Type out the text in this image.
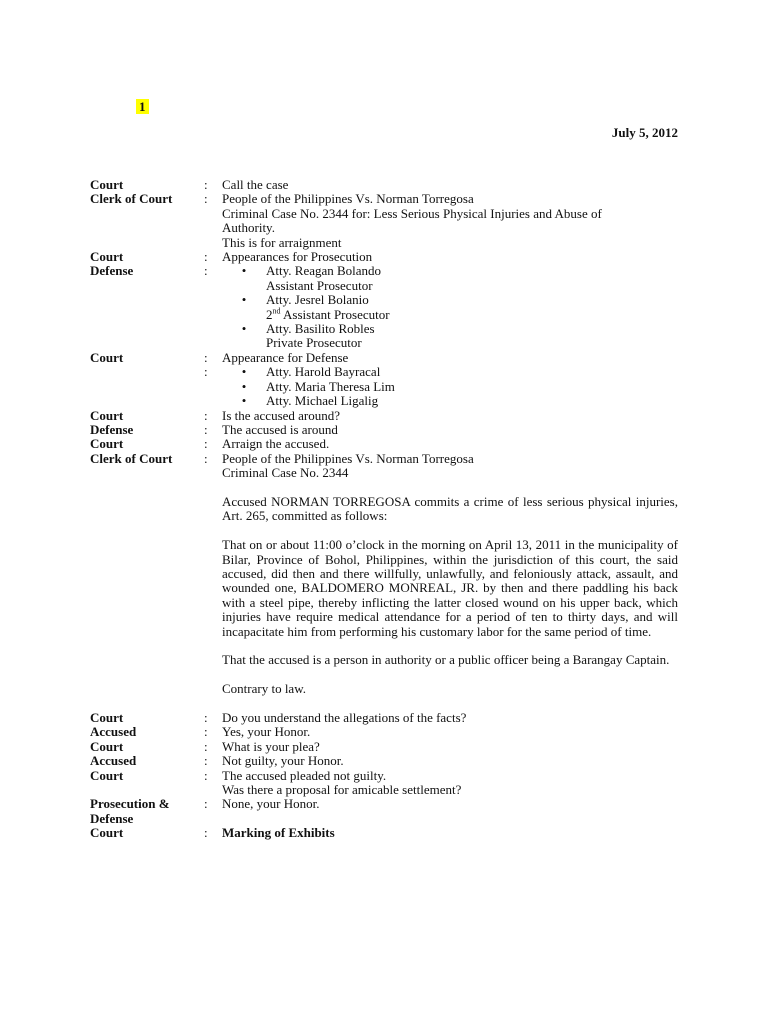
1
July 5, 2012
Court	:	Call the case
Clerk of Court	:	People of the Philippines Vs. Norman Torregosa
Criminal Case No. 2344 for: Less Serious Physical Injuries and Abuse of
Authority.
This is for arraignment
Court	:	Appearances for Prosecution
Defense	:	•	Atty. Reagan Bolando
Assistant Prosecutor
•	Atty. Jesrel Bolanio
2nd Assistant Prosecutor
•	Atty. Basilito Robles
Private Prosecutor
Court	:	Appearance for Defense
:	•	Atty. Harold Bayracal
•	Atty. Maria Theresa Lim
•	Atty. Michael Ligalig
Court	:	Is the accused around?
Defense	:	The accused is around
Court	:	Arraign the accused.
Clerk of Court	:	People of the Philippines Vs. Norman Torregosa
Criminal Case No. 2344
Accused NORMAN TORREGOSA commits a crime of less serious physical injuries, Art. 265, committed as follows:
That on or about 11:00 o’clock in the morning on April 13, 2011 in the municipality of Bilar, Province of Bohol, Philippines, within the jurisdiction of this court, the said accused, did then and there willfully, unlawfully, and feloniously attack, assault, and wounded one, BALDOMERO MONREAL, JR. by then and there paddling his back with a steel pipe, thereby inflicting the latter closed wound on his upper back, which injuries have require medical attendance for a period of ten to thirty days, and will incapacitate him from performing his customary labor for the same period of time.
That the accused is a person in authority or a public officer being a Barangay Captain.
Contrary to law.
Court	:	Do you understand the allegations of the facts?
Accused	:	Yes, your Honor.
Court	:	What is your plea?
Accused	:	Not guilty, your Honor.
Court	:	The accused pleaded not guilty.
Was there a proposal for amicable settlement?
Prosecution &
Defense
:	None, your Honor.
Court	:	Marking of Exhibits
